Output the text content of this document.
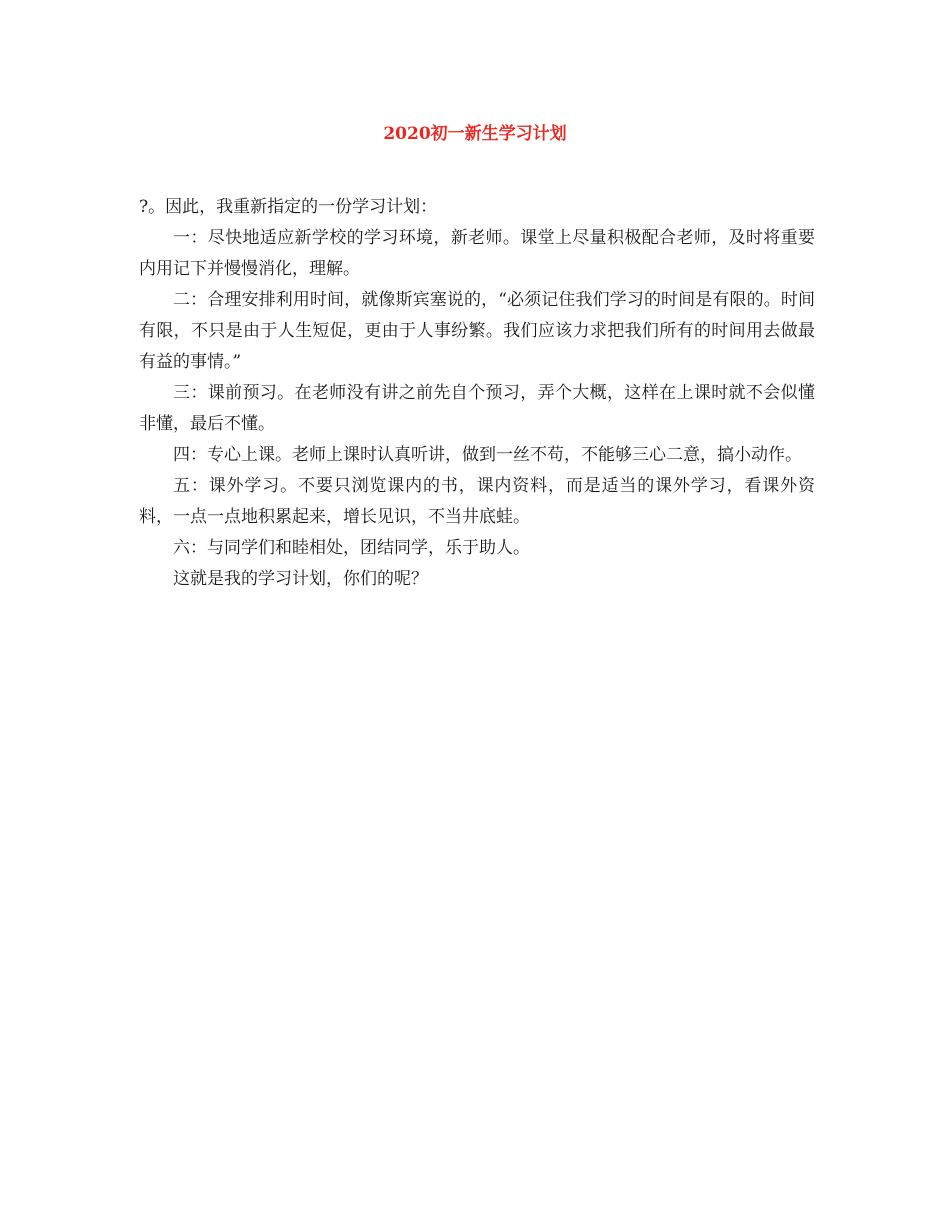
2020初一新生学习计划

?。因此，我重新指定的一份学习计划：

一：尽快地适应新学校的学习环境，新老师。课堂上尽量积极配合老师，及时将重要内用记下并慢慢消化，理解。

二：合理安排利用时间，就像斯宾塞说的，“必须记住我们学习的时间是有限的。时间有限，不只是由于人生短促，更由于人事纷繁。我们应该力求把我们所有的时间用去做最有益的事情。”

三：课前预习。在老师没有讲之前先自个预习，弄个大概，这样在上课时就不会似懂非懂，最后不懂。

四：专心上课。老师上课时认真听讲，做到一丝不苟，不能够三心二意，搞小动作。

五：课外学习。不要只浏览课内的书，课内资料，而是适当的课外学习，看课外资料，一点一点地积累起来，增长见识，不当井底蛙。

六：与同学们和睦相处，团结同学，乐于助人。

这就是我的学习计划，你们的呢？
